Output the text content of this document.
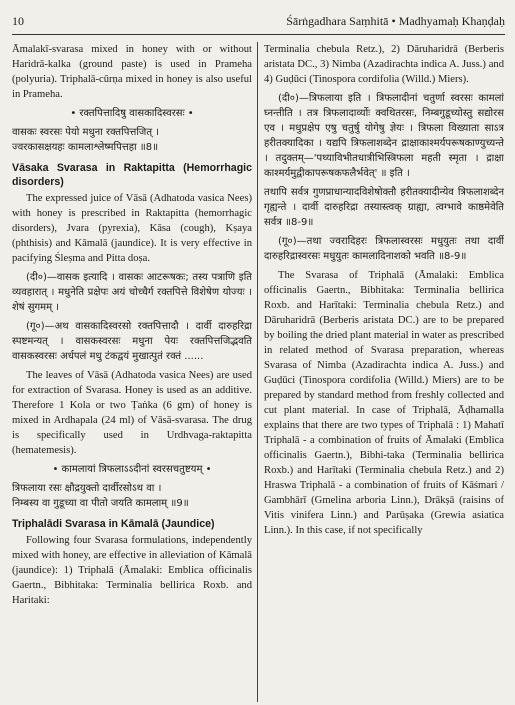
10	Śārṅgadhara Saṃhitā • Madhyamaḥ Khaṇḍaḥ

Āmalakī-svarasa mixed in honey with or without Haridrā-kalka (ground paste) is used in Prameha (polyuria). Triphalā-cūrṇa mixed in honey is also useful in Prameha.

• रक्तपित्तादिषु वासकादिस्वरसः •

वासकः स्वरसः पेयो मधुना रक्तपित्तजित् ।

ज्वरकासक्षयहः कामलाश्लेष्मपित्तहा ॥8॥

Vāsaka Svarasa in Raktapitta (Hemorrhagic disorders)

The expressed juice of Vāsā (Adhatoda vasica Nees) with honey is prescribed in Raktapitta (hemorrhagic disorders), Jvara (pyrexia), Kāsa (cough), Kṣaya (phthisis) and Kāmalā (jaundice). It is very effective in pacifying Śleṣma and Pitta doṣa.

(दी०)—वासक इत्यादि । वासकः आटरूषकः; तस्य पत्राणि इति व्यवहारात् । मधुनेति प्रक्षेपः अयं चोच्चैर्ग रक्तपित्ते विशेषेण योज्यः । शेषं सुगमम् ।

(गू०)—अथ वासकादिस्वरसो रक्तपित्तादौ । दार्वी दारुहरिद्रा स्पष्टमन्यत् । वासकस्वरसः मधुना पेयः रक्तपित्तजिद्भवति वासकस्वरसः अर्धपलं मधु टंकद्वयं मुखात्पुतं रक्तं ......

The leaves of Vāsā (Adhatoda vasica Nees) are used for extraction of Svarasa. Honey is used as an additive. Therefore 1 Kola or two Ṭaṅka (6 gm) of honey is mixed in Ardhapala (24 ml) of Vāsā-svarasa. The drug is specifically used in Urdhvaga-raktapitta (hematemesis).

• कामलायां त्रिफलाऽऽदीनां स्वरसचतुष्टयम् •

त्रिफलाया रसः क्षौद्रयुक्तो दार्वीरसोऽथ वा ।

निम्बस्य वा गुडूच्या वा पीतो जयति कामलाम् ॥9॥

Triphalādi Svarasa in Kāmalā (Jaundice)

Following four Svarasa formulations, independently mixed with honey, are effective in alleviation of Kāmalā (jaundice): 1) Triphalā (Āmalaki: Emblica officinalis Gaertn., Bibhitaka: Terminalia bellirica Roxb. and Haritaki:

Terminalia chebula Retz.), 2) Dāruharidrā (Berberis aristata DC., 3) Nimba (Azadirachta indica A. Juss.) and 4) Guḍūci (Tinospora cordifolia (Willd.) Miers).

(दी०)—त्रिफलाया इति । त्रिफलादीनां चतुर्णा स्वरसः कामलां घ्नन्तीति । तत्र त्रिफलादार्व्योः क्वथितरसः, निम्बगुडूच्योस्तु सद्योरस एव । मधुप्रक्षेप एषु चतुर्षु योगेषु ज्ञेयः । त्रिफला विख्याता साऽत्र हरीतक्यादिका । यद्यपि त्रिफलाशब्देन द्राक्षाकाश्मर्यपरूषकाण्युच्यन्ते । तदुक्तम्—'पथ्याविभीतधात्रीभिस्त्रिफला महती स्मृता । द्राक्षा काश्मर्यमुद्वीकापरूषकफलैर्भवेत्' ॥ इति ।

तथापि सर्वत्र गुणप्राधान्यादविशेषोक्तौ हरीतक्यादीन्येव त्रिफलाशब्देन गृह्यन्ते । दार्वी दारुहरिद्रा तस्यास्त्वक् ग्राह्या, त्वग्भावे काष्ठमेवेति सर्वत्र ॥8-9॥

(गू०)—तथा ज्वरादिहरः त्रिफलास्वरसः मधुयुतः तथा दार्वी दारुहरिद्रास्वरसः मधुयुतः कामलादिनाशको भवति ॥8-9॥

The Svarasa of Triphalā (Āmalaki: Emblica officinalis Gaertn., Bibhitaka: Terminalia bellirica Roxb. and Harītaki: Terminalia chebula Retz.) and Dāruharidrā (Berberis aristata DC.) are to be prepared by boiling the dried plant material in water as prescribed in related method of Svarasa preparation, whereas Svarasa of Nimba (Azadirachta indica A. Juss.) and Guḍūci (Tinospora cordifolia (Willd.) Miers) are to be prepared by standard method from freshly collected and cut plant material. In case of Triphalā, Āḍhamalla explains that there are two types of Triphalā : 1) Mahatī Triphalā - a combination of fruits of Āmalaki (Emblica officinalis Gaertn.), Bibhi-taka (Terminalia bellirica Roxb.) and Harītaki (Terminalia chebula Retz.) and 2) Hraswa Triphalā - a combination of fruits of Kāśmari / Gambhārī (Gmelina arboria Linn.), Drākṣā (raisins of Vitis vinifera Linn.) and Parūṣaka (Grewia asiatica Linn.). In this case, if not specifically
